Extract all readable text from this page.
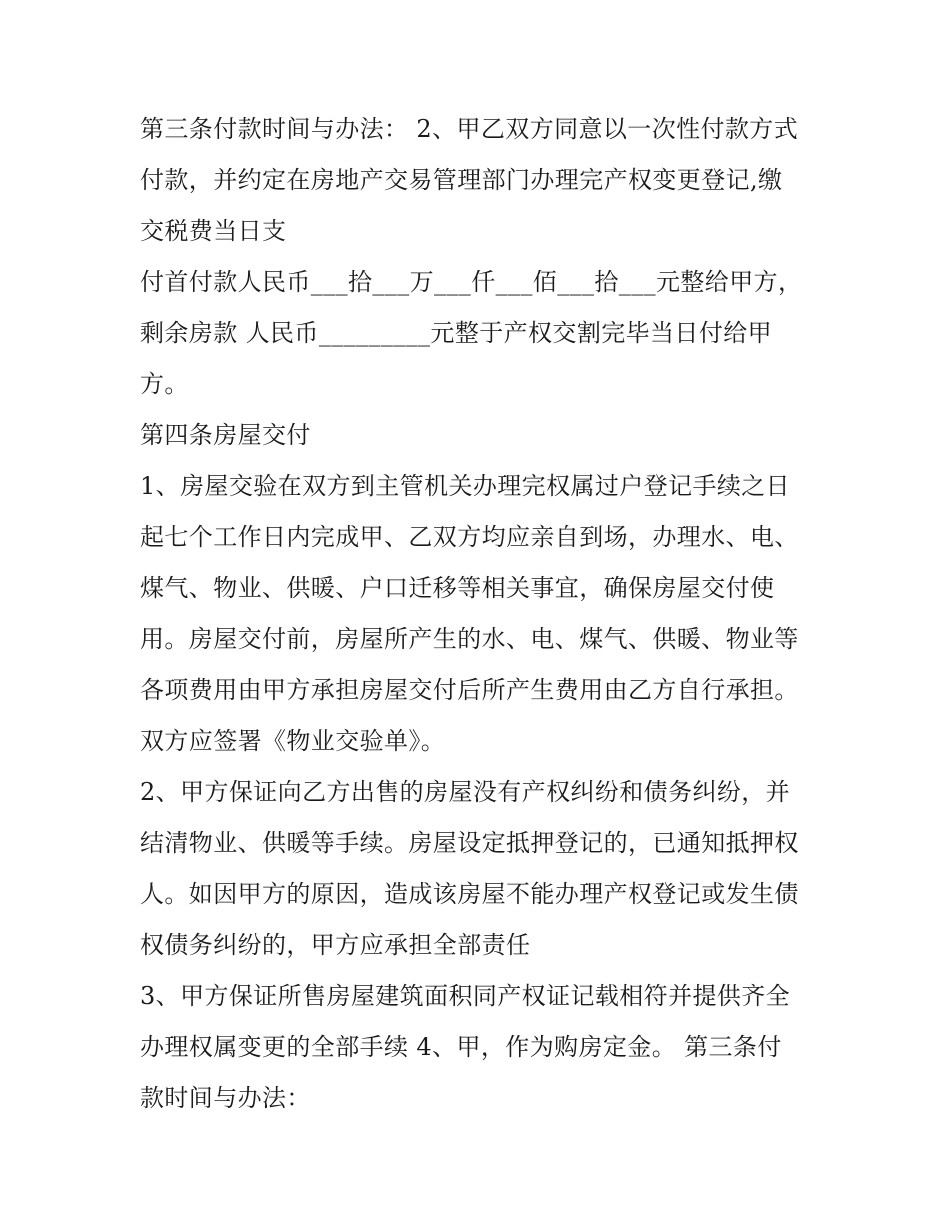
第三条付款时间与办法： 2、甲乙双方同意以一次性付款方式
付款，并约定在房地产交易管理部门办理完产权变更登记,缴
交税费当日支
付首付款人民币___拾___万___仟___佰___拾___元整给甲方，
剩余房款 人民币_________元整于产权交割完毕当日付给甲
方。
第四条房屋交付
1、房屋交验在双方到主管机关办理完权属过户登记手续之日
起七个工作日内完成甲、乙双方均应亲自到场，办理水、电、
煤气、物业、供暖、户口迁移等相关事宜，确保房屋交付使
用。房屋交付前，房屋所产生的水、电、煤气、供暖、物业等
各项费用由甲方承担房屋交付后所产生费用由乙方自行承担。
双方应签署《物业交验单》。
2、甲方保证向乙方出售的房屋没有产权纠纷和债务纠纷，并
结清物业、供暖等手续。房屋设定抵押登记的，已通知抵押权
人。如因甲方的原因，造成该房屋不能办理产权登记或发生债
权债务纠纷的，甲方应承担全部责任
3、甲方保证所售房屋建筑面积同产权证记载相符并提供齐全
办理权属变更的全部手续 4、甲，作为购房定金。 第三条付
款时间与办法：
